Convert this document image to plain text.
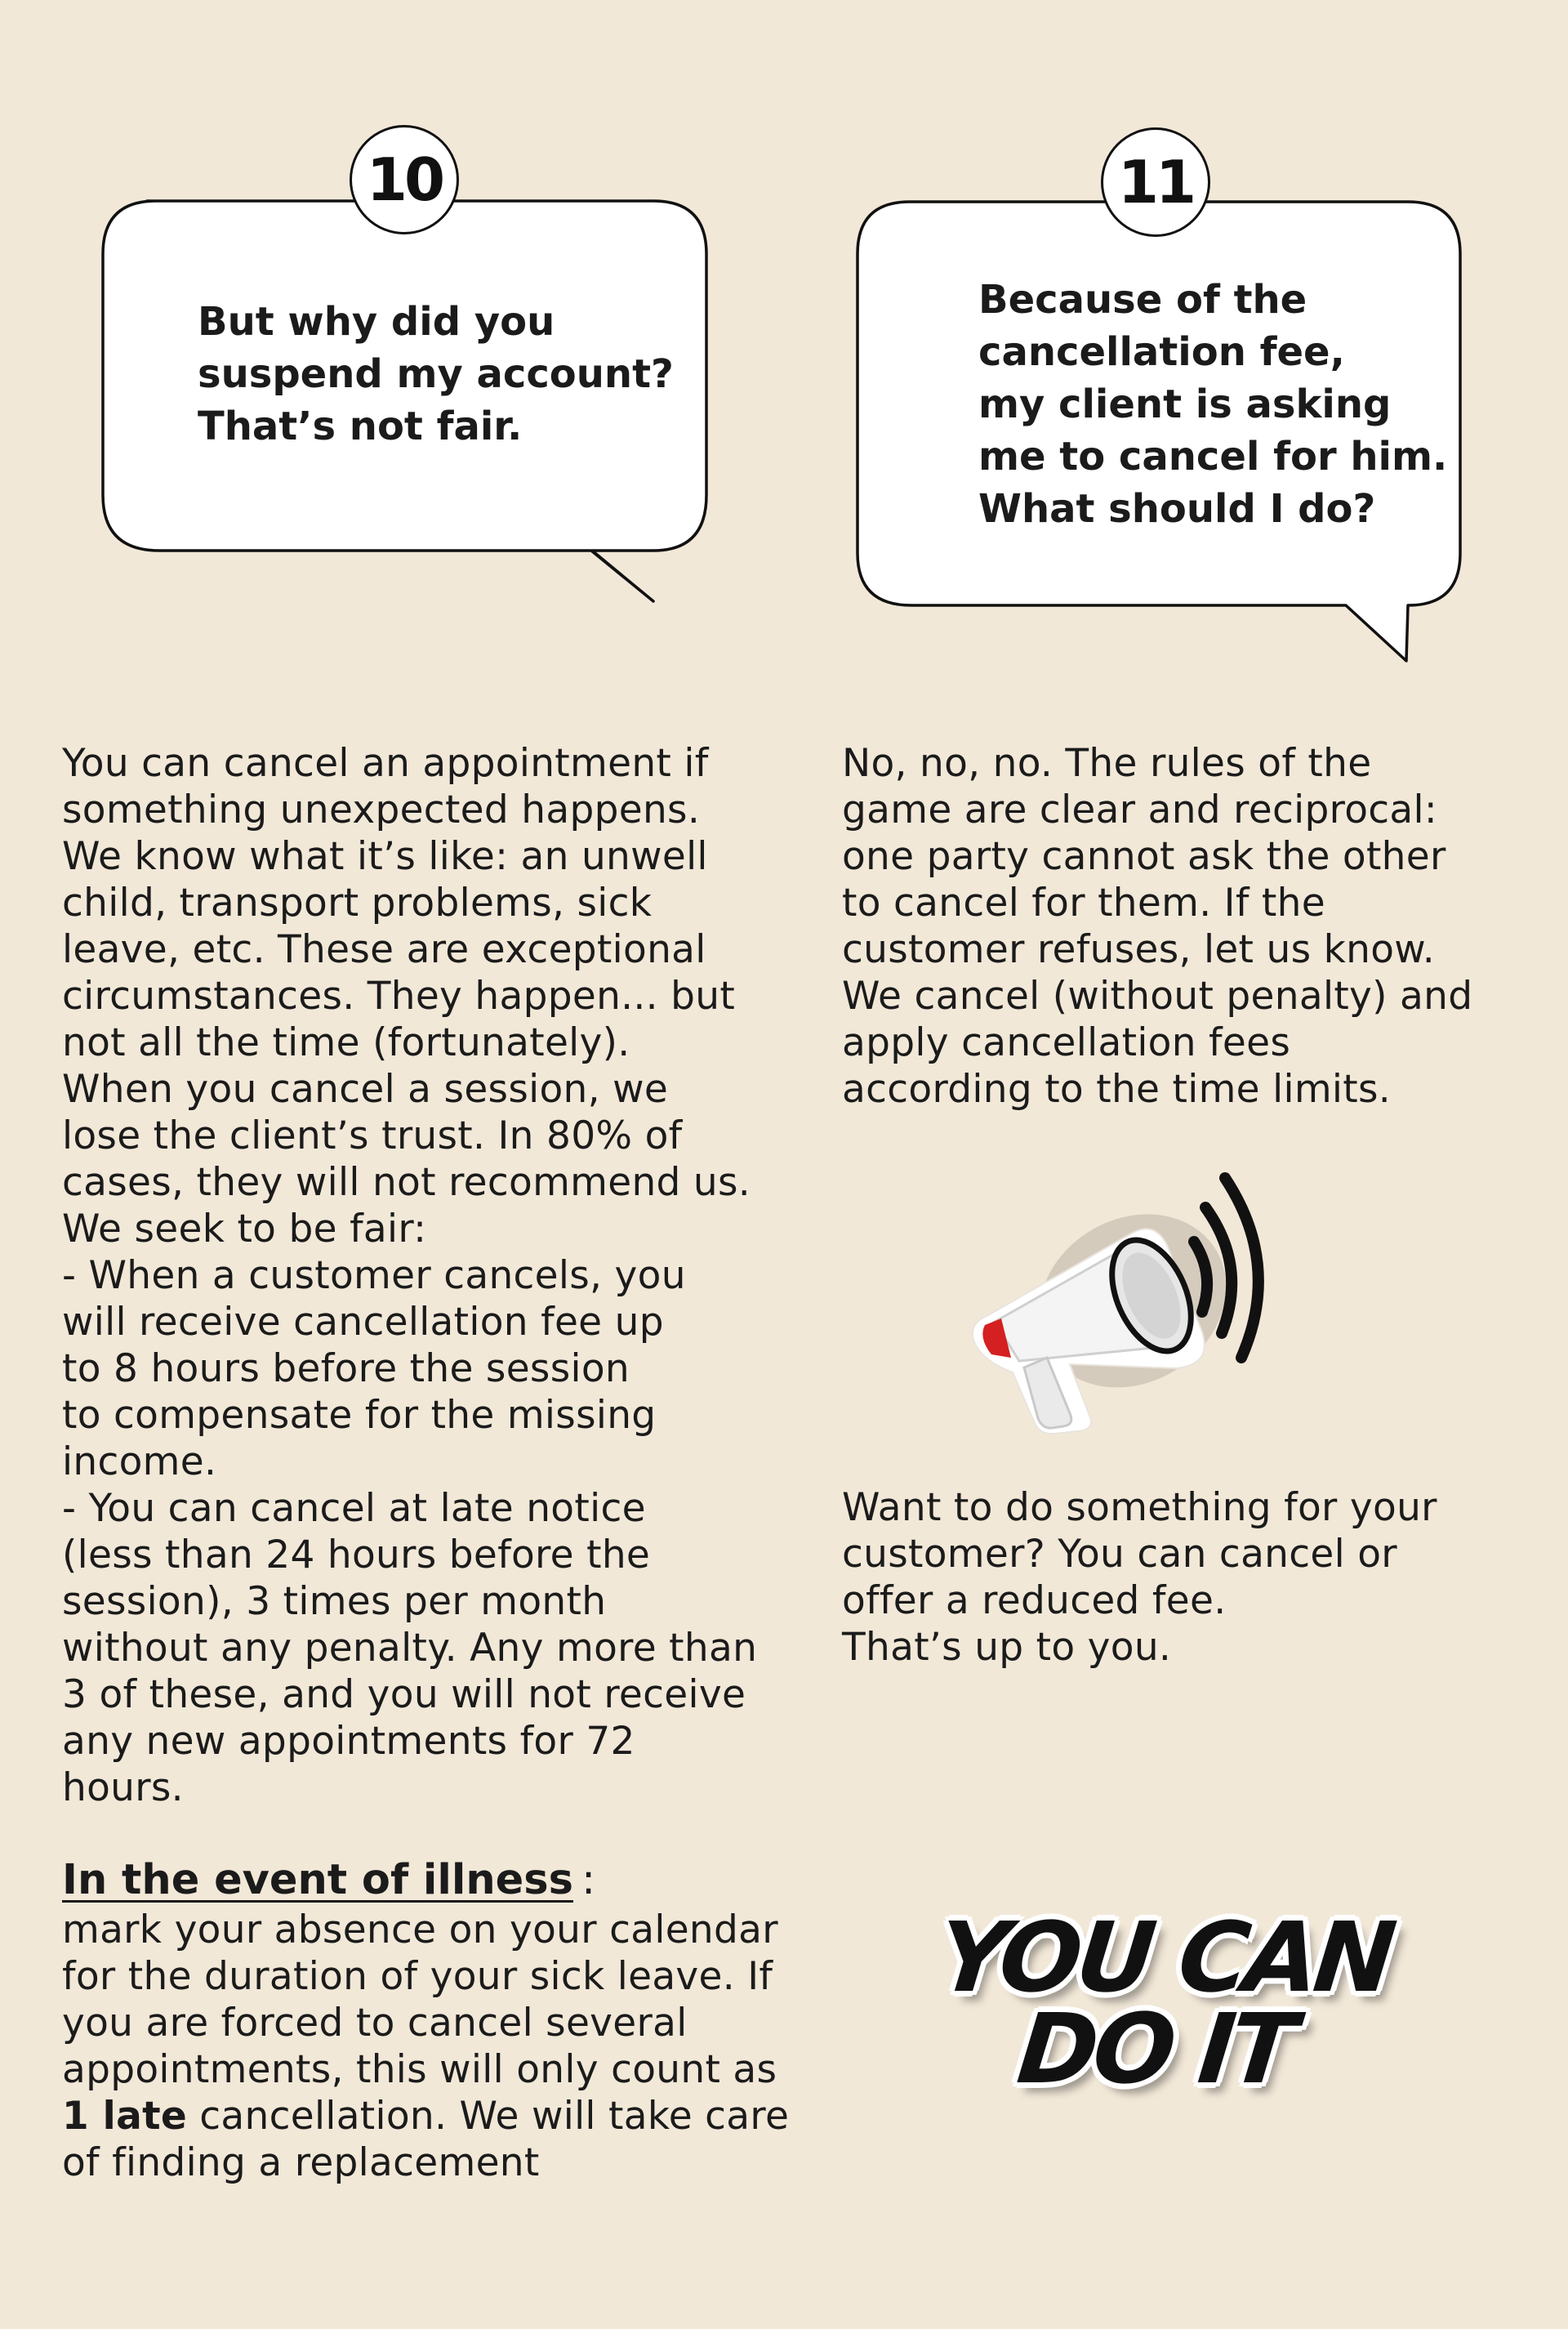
But why did you
suspend my account?
That’s not fair.
10
Because of the
cancellation fee,
my client is asking
me to cancel for him.
What should I do?
11
You can cancel an appointment if
something unexpected happens.
We know what it’s like: an unwell
child, transport problems, sick
leave, etc. These are exceptional
circumstances. They happen... but
not all the time (fortunately).
When you cancel a session, we
lose the client’s trust. In 80% of
cases, they will not recommend us.
We seek to be fair:
- When a customer cancels, you
will receive cancellation fee up
to 8 hours before the session
to compensate for the missing
income.
- You can cancel at late notice
(less than 24 hours before the
session), 3 times per month
without any penalty. Any more than
3 of these, and you will not receive
any new appointments for 72
hours.
In the event of illness :
mark your absence on your calendar for the duration of your sick leave. If you are forced to cancel several appointments, this will only count as 1 late cancellation. We will take care of finding a replacement
No, no, no. The rules of the
game are clear and reciprocal:
one party cannot ask the other
to cancel for them. If the
customer refuses, let us know.
We cancel (without penalty) and
apply cancellation fees
according to the time limits.
Want to do something for your
customer? You can cancel or
offer a reduced fee.
That’s up to you.
YOU CAN
DO IT
